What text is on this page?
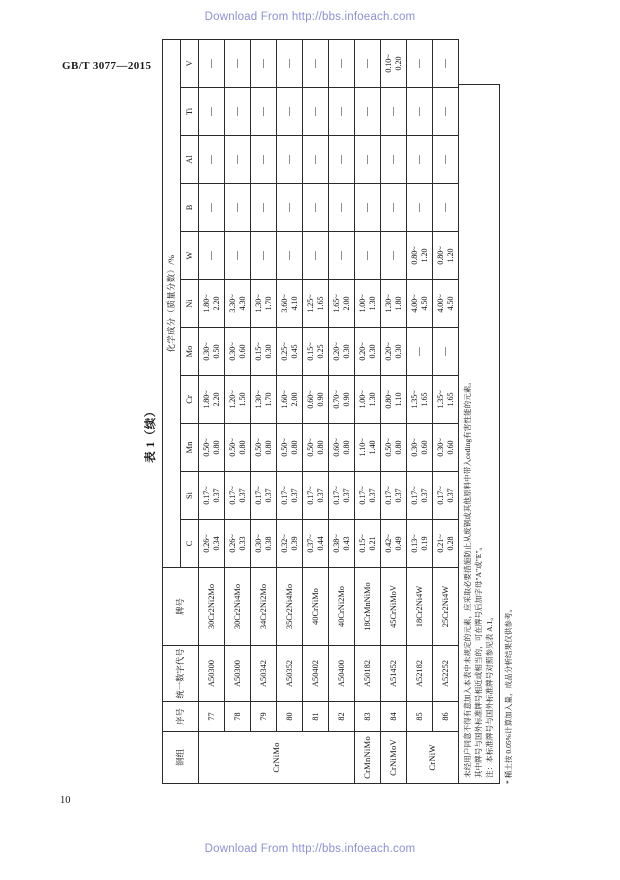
Download From http://bbs.infoeach.com
GB/T 3077—2015
表 1（续）
钢组	序号	统一数字代号	牌号	化学成分（质量分数）/%										
				C	Si	Mn	Cr	Mo	Ni	W	B	Al	Ti	V
CrNiMo	77	A50300	30Cr2Ni2Mo	0.26~ 0.34	0.17~ 0.37	0.50~ 0.80	1.80~ 2.20	0.30~ 0.50	1.80~ 2.20	—	—	—	—	—
	78	A50300	30Cr2Ni4Mo	0.26~ 0.33	0.17~ 0.37	0.50~ 0.80	1.20~ 1.50	0.30~ 0.60	3.30~ 4.30	—	—	—	—	—
	79	A50342	34Cr2Ni2Mo	0.30~ 0.38	0.17~ 0.37	0.50~ 0.80	1.30~ 1.70	0.15~ 0.30	1.30~ 1.70	—	—	—	—	—
	80	A50352	35Cr2Ni4Mo	0.32~ 0.39	0.17~ 0.37	0.50~ 0.80	1.60~ 2.00	0.25~ 0.45	3.60~ 4.10	—	—	—	—	—
	81	A50402	40CrNiMo	0.37~ 0.44	0.17~ 0.37	0.50~ 0.80	0.60~ 0.90	0.15~ 0.25	1.25~ 1.65	—	—	—	—	—
	82	A50400	40CrNi2Mo	0.38~ 0.43	0.17~ 0.37	0.60~ 0.80	0.70~ 0.90	0.20~ 0.30	1.65~ 2.00	—	—	—	—	—
CrMnNiMo	83	A50182	18CrMnNiMo	0.15~ 0.21	0.17~ 0.37	1.10~ 1.40	1.00~ 1.30	0.20~ 0.30	1.00~ 1.30	—	—	—	—	—
CrNiMoV	84	A51452	45CrNiMoV	0.42~ 0.49	0.17~ 0.37	0.50~ 0.80	0.80~ 1.10	0.20~ 0.30	1.30~ 1.80	—	—	—	—	0.10~ 0.20

CrNiW	85	A52182	18Cr2Ni4W	0.13~ 0.19	0.17~ 0.37	0.30~ 0.60	1.35~ 1.65	—	4.00~ 4.50	0.80~ 1.20	—	—	—	—
	86	A52252	25Cr2Ni4W	0.21~ 0.28	0.17~ 0.37	0.30~ 0.60	1.35~ 1.65	—	4.00~ 4.50	0.80~ 1.20	—	—	—	—

未经用户同意不得有意加入本表中未规定的元素，应采取必要措施防止从废钢或其他原料中带入ceding有害性能的元素。 其中牌号与国外标准牌号相近或相当的，可在牌号后加字母"A"或"E"。 注：本标准牌号与国外标准牌号对照参见表 A.1。 * 稀土按 0.05%计算加入量，成品分析结果仅供参考。
10
Download From http://bbs.infoeach.com
